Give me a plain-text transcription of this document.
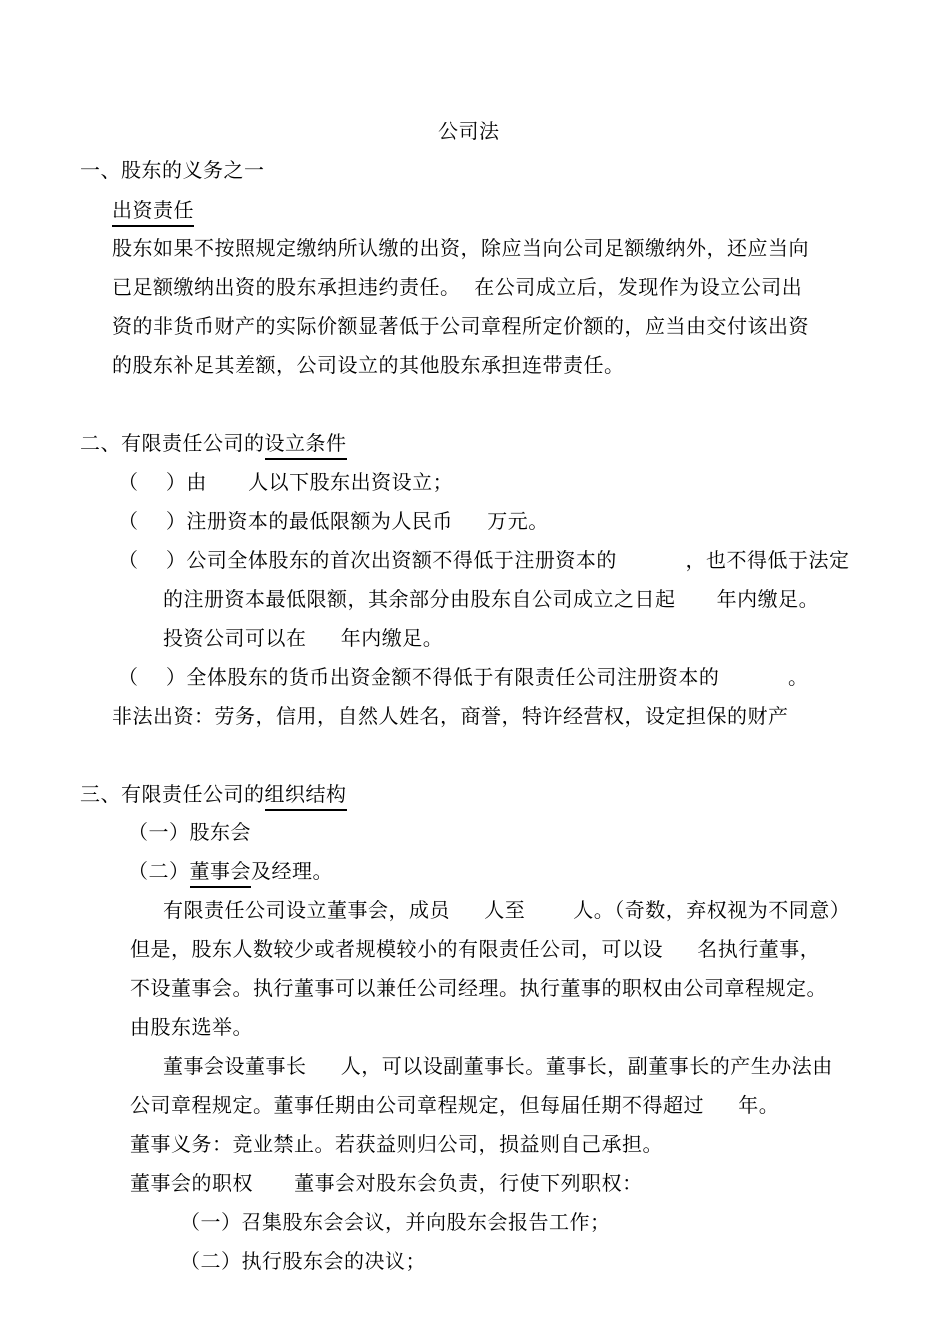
公司法
一、股东的义务之一
出资责任
股东如果不按照规定缴纳所认缴的出资，除应当向公司足额缴纳外，还应当向
已足额缴纳出资的股东承担违约责任。  在公司成立后，发现作为设立公司出
资的非货币财产的实际价额显著低于公司章程所定价额的，应当由交付该出资
的股东补足其差额，公司设立的其他股东承担连带责任。
二、有限责任公司的设立条件
（    ）由      人以下股东出资设立；
（    ）注册资本的最低限额为人民币     万元。
（    ）公司全体股东的首次出资额不得低于注册资本的          ，也不得低于法定
的注册资本最低限额，其余部分由股东自公司成立之日起      年内缴足。
投资公司可以在     年内缴足。
（    ）全体股东的货币出资金额不得低于有限责任公司注册资本的          。
非法出资：劳务，信用，自然人姓名，商誉，特许经营权，设定担保的财产
三、有限责任公司的组织结构
（一）股东会
（二）董事会及经理。
有限责任公司设立董事会，成员     人至       人。（奇数，弃权视为不同意）
但是，股东人数较少或者规模较小的有限责任公司，可以设     名执行董事，
不设董事会。执行董事可以兼任公司经理。执行董事的职权由公司章程规定。
由股东选举。
董事会设董事长     人，可以设副董事长。董事长，副董事长的产生办法由
公司章程规定。董事任期由公司章程规定，但每届任期不得超过     年。
董事义务：竞业禁止。若获益则归公司，损益则自己承担。
董事会的职权      董事会对股东会负责，行使下列职权：
（一）召集股东会会议，并向股东会报告工作；
（二）执行股东会的决议；
